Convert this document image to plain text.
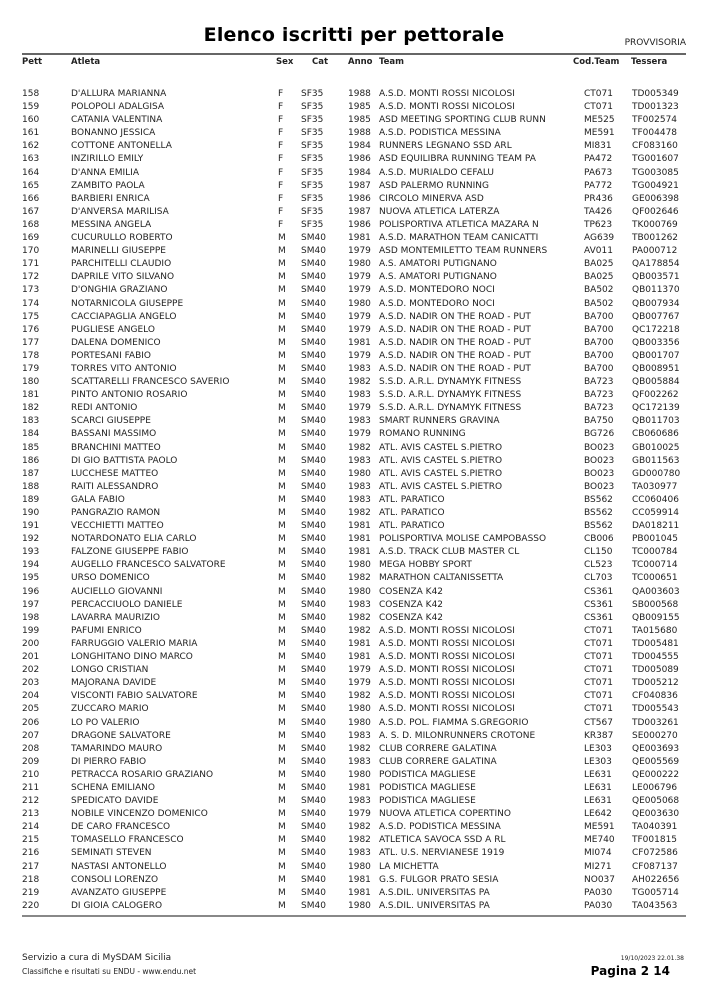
Elenco iscritti per pettorale	PROVVISORIA
Pett	Atleta	Sex Cat Anno Team	Cod.Team Tessera
158	D'ALLURA MARIANNA	F SF35	1988 A.S.D. MONTI ROSSI NICOLOSI	CT071 TD005349
159	POLOPOLI ADALGISA	F SF35	1985 A.S.D. MONTI ROSSI NICOLOSI	CT071 TD001323
160	CATANIA VALENTINA	F SF35	1985 ASD MEETING SPORTING CLUB RUNN	ME525 TF002574
161	BONANNO JESSICA	F SF35	1988 A.S.D. PODISTICA MESSINA	ME591 TF004478
162	COTTONE ANTONELLA	F SF35	1984 RUNNERS LEGNANO SSD ARL	MI831 CF083160
163	INZIRILLO EMILY	F SF35	1986 ASD EQUILIBRA RUNNING TEAM PA	PA472 TG001607
164	D'ANNA EMILIA	F SF35	1984 A.S.D. MURIALDO CEFALU	PA673 TG003085
165	ZAMBITO PAOLA	F SF35	1987 ASD PALERMO RUNNING	PA772 TG004921
166	BARBIERI ENRICA	F SF35	1986 CIRCOLO MINERVA ASD	PR436 GE006398
167	D'ANVERSA MARILISA	F SF35	1987 NUOVA ATLETICA LATERZA	TA426 QF002646
168	MESSINA ANGELA	F SF35	1986 POLISPORTIVA ATLETICA MAZARA N	TP623 TK000769
169	CUCURULLO ROBERTO	M SM40 1981 A.S.D. MARATHON TEAM CANICATTI	AG639 TB001262
170	MARINELLI GIUSEPPE	M SM40 1979 ASD MONTEMILETTO TEAM RUNNERS	AV011 PA000712
171	PARCHITELLI CLAUDIO	M SM40 1980 A.S. AMATORI PUTIGNANO	BA025 QA178854
172	DAPRILE VITO SILVANO	M SM40 1979 A.S. AMATORI PUTIGNANO	BA025 QB003571
173	D'ONGHIA GRAZIANO	M SM40 1979 A.S.D. MONTEDORO NOCI	BA502 QB011370
174	NOTARNICOLA GIUSEPPE	M SM40 1980 A.S.D. MONTEDORO NOCI	BA502 QB007934
175	CACCIAPAGLIA ANGELO	M SM40 1979 A.S.D. NADIR ON THE ROAD - PUT	BA700 QB007767
176	PUGLIESE ANGELO	M SM40 1979 A.S.D. NADIR ON THE ROAD - PUT	BA700 QC172218
177	DALENA DOMENICO	M SM40 1981 A.S.D. NADIR ON THE ROAD - PUT	BA700 QB003356
178	PORTESANI FABIO	M SM40 1979 A.S.D. NADIR ON THE ROAD - PUT	BA700 QB001707
179	TORRES VITO ANTONIO	M SM40 1983 A.S.D. NADIR ON THE ROAD - PUT	BA700 QB008951
180	SCATTARELLI FRANCESCO SAVERIO	M SM40 1982 S.S.D. A.R.L. DYNAMYK FITNESS	BA723 QB005884
181	PINTO ANTONIO ROSARIO	M SM40 1983 S.S.D. A.R.L. DYNAMYK FITNESS	BA723 QF002262
182	REDI ANTONIO	M SM40 1979 S.S.D. A.R.L. DYNAMYK FITNESS	BA723 QC172139
183	SCARCI GIUSEPPE	M SM40 1983 SMART RUNNERS GRAVINA	BA750 QB011703
184	BASSANI MASSIMO	M SM40 1979 ROMANO RUNNING	BG726 CB060686
185	BRANCHINI MATTEO	M SM40 1982 ATL. AVIS CASTEL S.PIETRO	BO023 GB010025
186	DI GIO BATTISTA PAOLO	M SM40 1983 ATL. AVIS CASTEL S.PIETRO	BO023 GB011563
187	LUCCHESE MATTEO	M SM40 1980 ATL. AVIS CASTEL S.PIETRO	BO023 GD000780
188	RAITI ALESSANDRO	M SM40 1983 ATL. AVIS CASTEL S.PIETRO	BO023 TA030977
189	GALA FABIO	M SM40 1983 ATL. PARATICO	BS562 CC060406
190	PANGRAZIO RAMON	M SM40 1982 ATL. PARATICO	BS562 CC059914
191	VECCHIETTI MATTEO	M SM40 1981 ATL. PARATICO	BS562 DA018211
192	NOTARDONATO ELIA CARLO	M SM40 1981 POLISPORTIVA MOLISE CAMPOBASSO	CB006 PB001045
193	FALZONE GIUSEPPE FABIO	M SM40 1981 A.S.D. TRACK CLUB MASTER CL	CL150 TC000784
194	AUGELLO FRANCESCO SALVATORE	M SM40 1980 MEGA HOBBY SPORT	CL523 TC000714
195	URSO DOMENICO	M SM40 1982 MARATHON CALTANISSETTA	CL703 TC000651
196	AUCIELLO GIOVANNI	M SM40 1980 COSENZA K42	CS361 QA003603
197	PERCACCIUOLO DANIELE	M SM40 1983 COSENZA K42	CS361 SB000568
198	LAVARRA MAURIZIO	M SM40 1982 COSENZA K42	CS361 QB009155
199	PAFUMI ENRICO	M SM40 1982 A.S.D. MONTI ROSSI NICOLOSI	CT071 TA015680
200	FARRUGGIO VALERIO MARIA	M SM40 1981 A.S.D. MONTI ROSSI NICOLOSI	CT071 TD005481
201	LONGHITANO DINO MARCO	M SM40 1981 A.S.D. MONTI ROSSI NICOLOSI	CT071 TD004555
202	LONGO CRISTIAN	M SM40 1979 A.S.D. MONTI ROSSI NICOLOSI	CT071 TD005089
203	MAJORANA DAVIDE	M SM40 1979 A.S.D. MONTI ROSSI NICOLOSI	CT071 TD005212
204	VISCONTI FABIO SALVATORE	M SM40 1982 A.S.D. MONTI ROSSI NICOLOSI	CT071 CF040836
205	ZUCCARO MARIO	M SM40 1980 A.S.D. MONTI ROSSI NICOLOSI	CT071 TD005543
206	LO PO VALERIO	M SM40 1980 A.S.D. POL. FIAMMA S.GREGORIO	CT567 TD003261
207	DRAGONE SALVATORE	M SM40 1983 A. S. D. MILONRUNNERS CROTONE	KR387 SE000270
208	TAMARINDO MAURO	M SM40 1982 CLUB CORRERE GALATINA	LE303 QE003693
209	DI PIERRO FABIO	M SM40 1983 CLUB CORRERE GALATINA	LE303 QE005569
210	PETRACCA ROSARIO GRAZIANO	M SM40 1980 PODISTICA MAGLIESE	LE631 QE000222
211	SCHENA EMILIANO	M SM40 1981 PODISTICA MAGLIESE	LE631 LE006796
212	SPEDICATO DAVIDE	M SM40 1983 PODISTICA MAGLIESE	LE631 QE005068
213	NOBILE VINCENZO DOMENICO	M SM40 1979 NUOVA ATLETICA COPERTINO	LE642 QE003630
214	DE CARO FRANCESCO	M SM40 1982 A.S.D. PODISTICA MESSINA	ME591 TA040391
215	TOMASELLO FRANCESCO	M SM40 1982 ATLETICA SAVOCA SSD A RL	ME740 TF001815
216	SEMINATI STEVEN	M SM40 1983 ATL. U.S. NERVIANESE 1919	MI074 CF072586
217	NASTASI ANTONELLO	M SM40 1980 LA MICHETTA	MI271 CF087137
218	CONSOLI LORENZO	M SM40 1981 G.S. FULGOR PRATO SESIA	NO037 AH022656
219	AVANZATO GIUSEPPE	M SM40 1981 A.S.DIL. UNIVERSITAS PA	PA030 TG005714
220	DI GIOIA CALOGERO	M SM40 1980 A.S.DIL. UNIVERSITAS PA	PA030 TA043563
Servizio a cura di MySDAM Sicilia
Classifiche e risultati su ENDU - www.endu.net
19/10/2023 22.01.38
Pagina 2 14
